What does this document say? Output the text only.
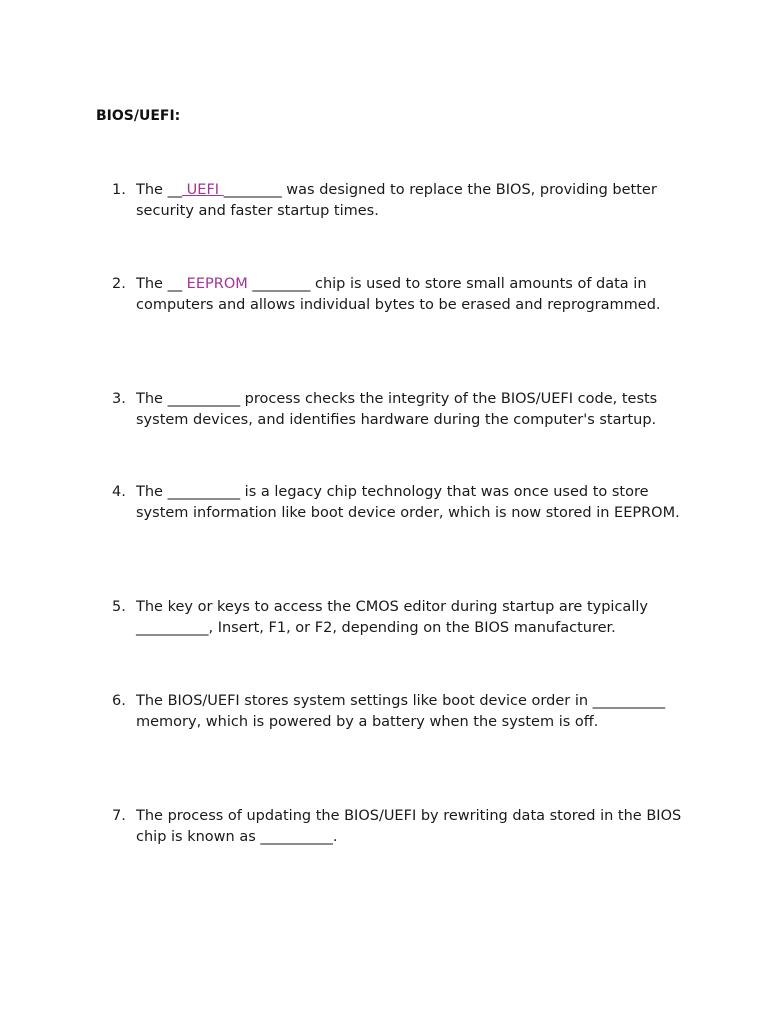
BIOS/UEFI:
1. The __ UEFI ________ was designed to replace the BIOS, providing better security and faster startup times.
2. The __ EEPROM ________ chip is used to store small amounts of data in computers and allows individual bytes to be erased and reprogrammed.
3. The __________ process checks the integrity of the BIOS/UEFI code, tests system devices, and identifies hardware during the computer's startup.
4. The __________ is a legacy chip technology that was once used to store system information like boot device order, which is now stored in EEPROM.
5. The key or keys to access the CMOS editor during startup are typically __________, Insert, F1, or F2, depending on the BIOS manufacturer.
6. The BIOS/UEFI stores system settings like boot device order in __________ memory, which is powered by a battery when the system is off.
7. The process of updating the BIOS/UEFI by rewriting data stored in the BIOS chip is known as __________.
